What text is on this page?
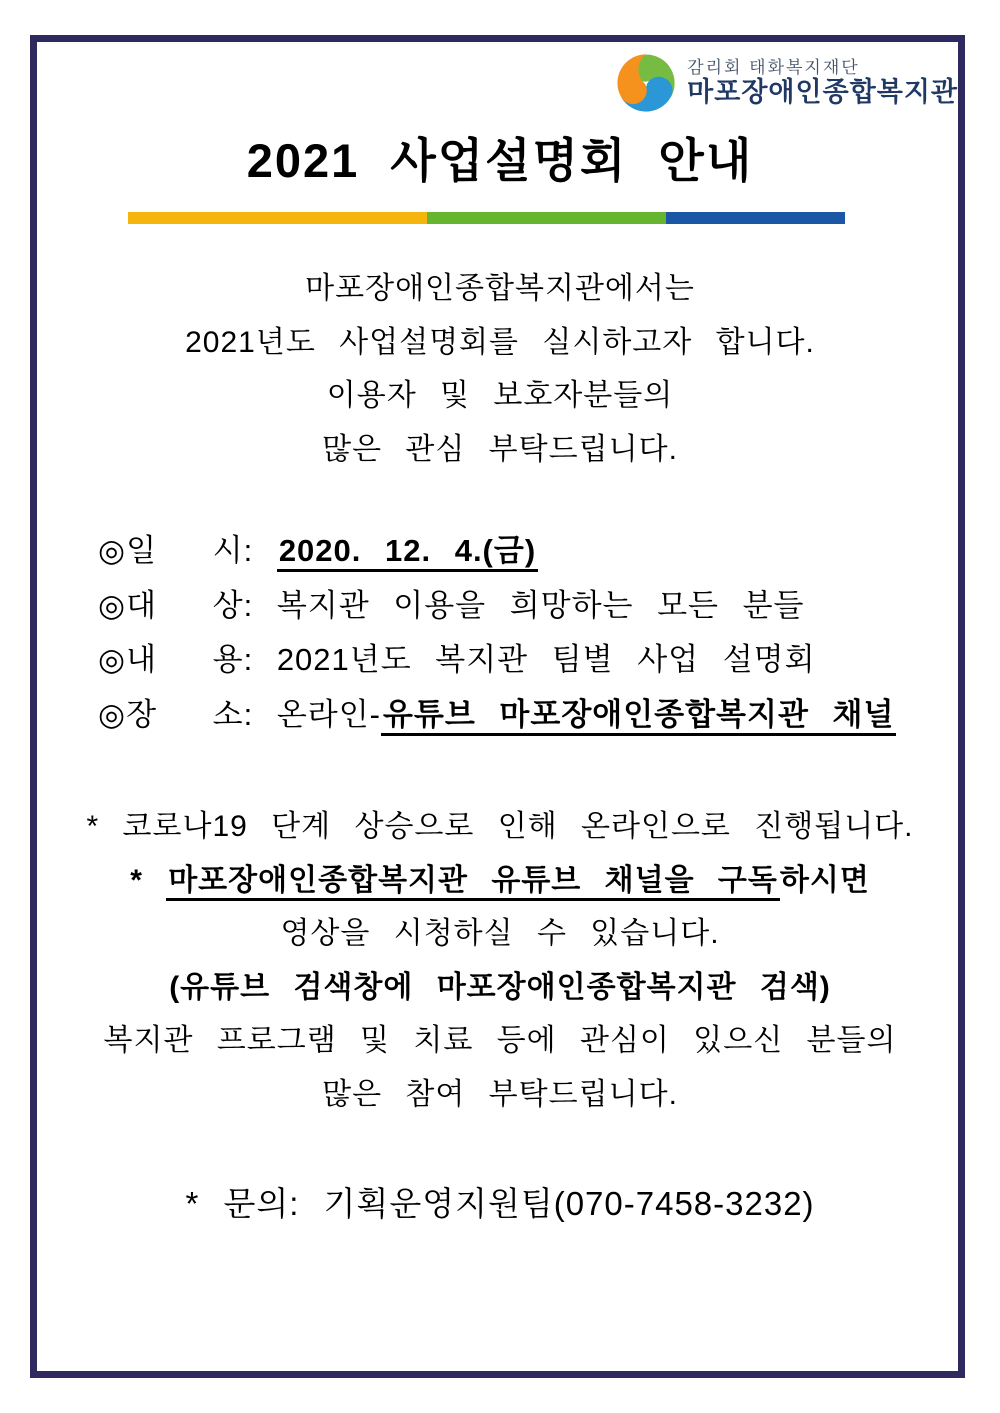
감리회 태화복지재단
마포장애인종합복지관
2021 사업설명회 안내
마포장애인종합복지관에서는
2021년도 사업설명회를 실시하고자 합니다.
이용자 및 보호자분들의
많은 관심 부탁드립니다.
◎일　 시: 2020. 12. 4.(금)
◎대　 상: 복지관 이용을 희망하는 모든 분들
◎내　 용: 2021년도 복지관 팀별 사업 설명회
◎장　 소: 온라인-유튜브 마포장애인종합복지관 채널
* 코로나19 단계 상승으로 인해 온라인으로 진행됩니다.
* 마포장애인종합복지관 유튜브 채널을 구독하시면
영상을 시청하실 수 있습니다.
(유튜브 검색창에 마포장애인종합복지관 검색)
복지관 프로그램 및 치료 등에 관심이 있으신 분들의
많은 참여 부탁드립니다.
* 문의: 기획운영지원팀(070-7458-3232)
